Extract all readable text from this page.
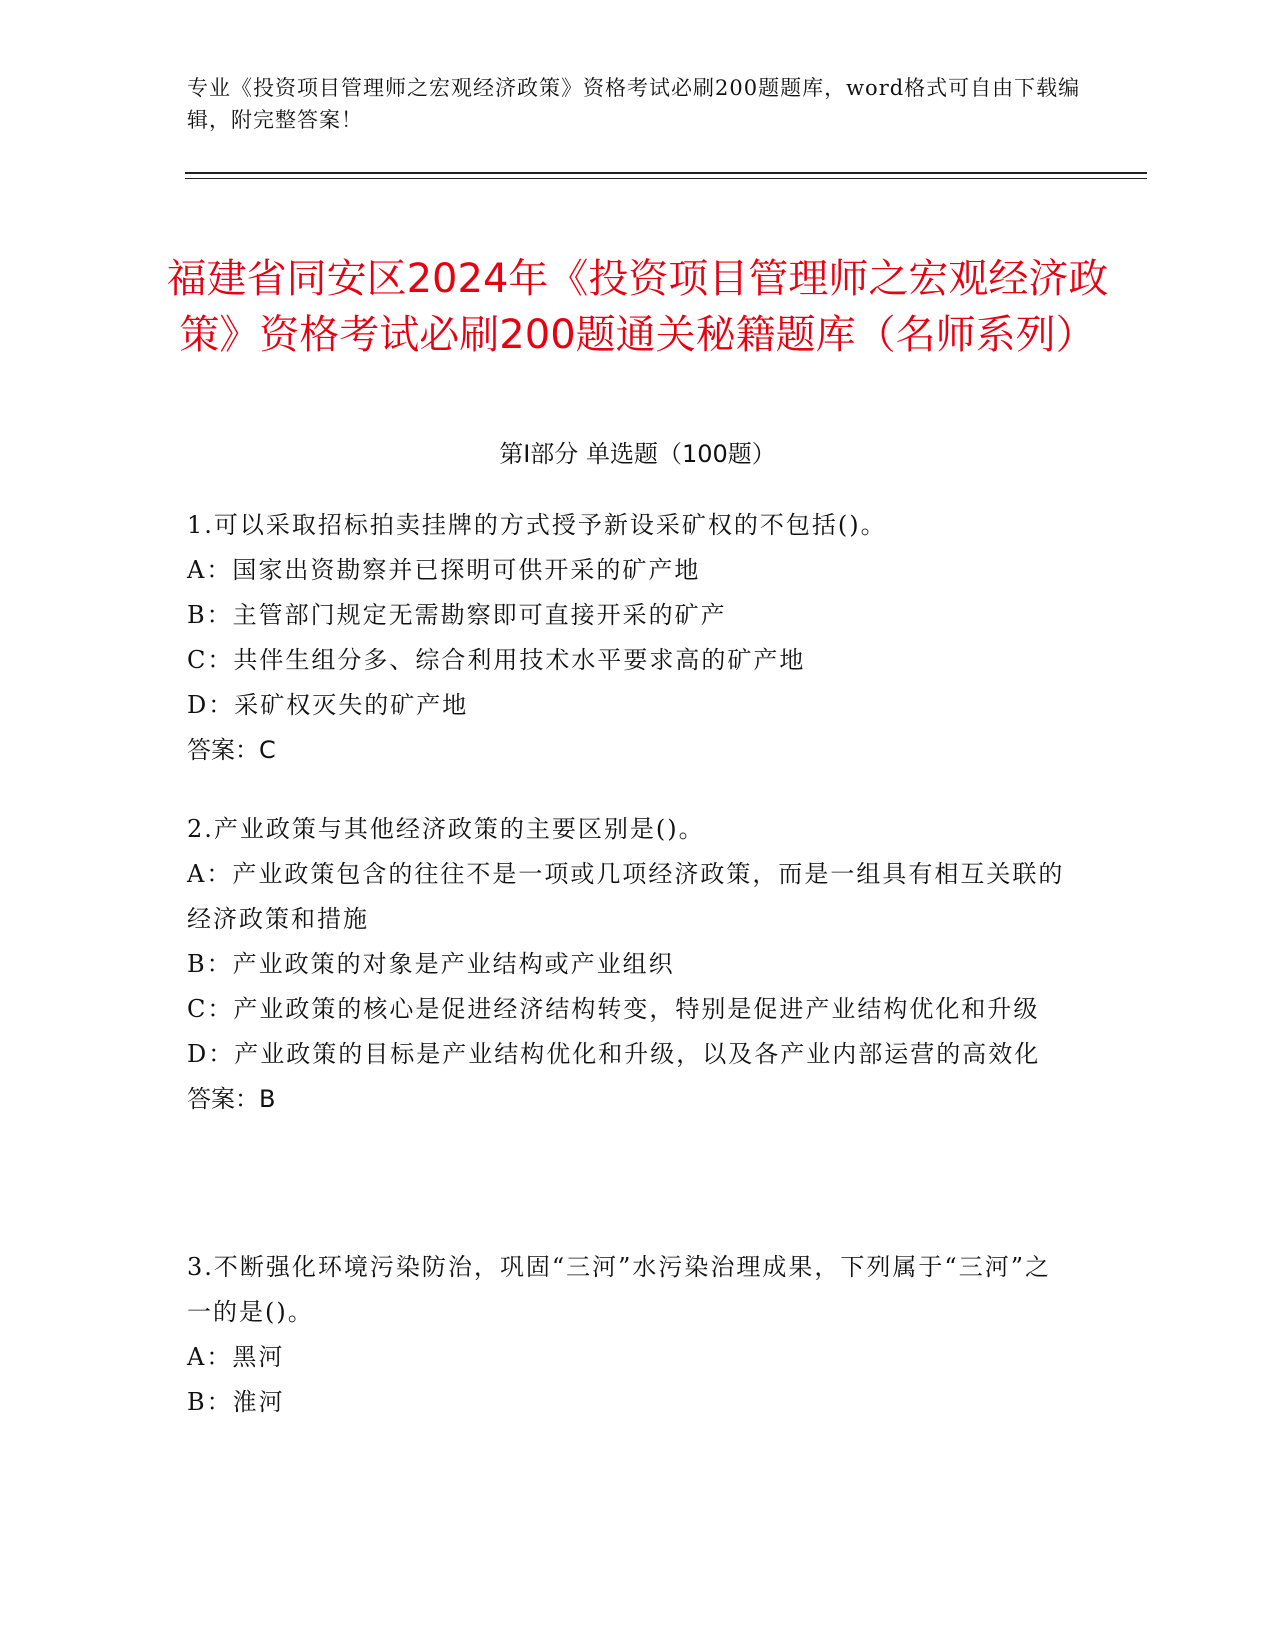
专业《投资项目管理师之宏观经济政策》资格考试必刷200题题库，word格式可自由下载编辑，附完整答案！
福建省同安区2024年《投资项目管理师之宏观经济政策》资格考试必刷200题通关秘籍题库（名师系列）
第Ⅰ部分 单选题（100题）
1.可以采取招标拍卖挂牌的方式授予新设采矿权的不包括()。
A：国家出资勘察并已探明可供开采的矿产地
B：主管部门规定无需勘察即可直接开采的矿产
C：共伴生组分多、综合利用技术水平要求高的矿产地
D：采矿权灭失的矿产地
答案：C
2.产业政策与其他经济政策的主要区别是()。
A：产业政策包含的往往不是一项或几项经济政策，而是一组具有相互关联的经济政策和措施
B：产业政策的对象是产业结构或产业组织
C：产业政策的核心是促进经济结构转变，特别是促进产业结构优化和升级
D：产业政策的目标是产业结构优化和升级，以及各产业内部运营的高效化
答案：B
3.不断强化环境污染防治，巩固“三河”水污染治理成果，下列属于“三河”之一的是()。
A：黑河
B：淮河
